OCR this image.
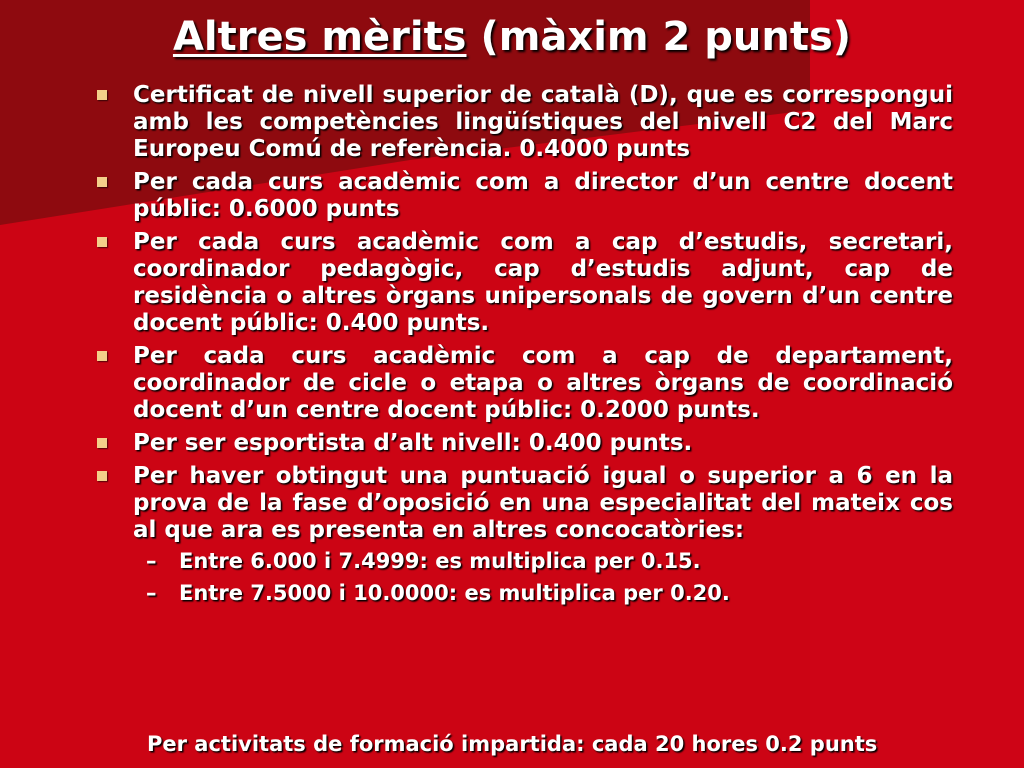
Altres mèrits (màxim 2 punts)
Certificat de nivell superior de català (D), que es correspongui amb les competències lingüístiques del nivell C2 del Marc Europeu Comú de referència. 0.4000 punts
Per cada curs acadèmic com a director d’un centre docent públic: 0.6000 punts
Per cada curs acadèmic com a cap d’estudis, secretari, coordinador pedagògic, cap d’estudis adjunt, cap de residència o altres òrgans unipersonals de govern d’un centre docent públic: 0.400 punts.
Per cada curs acadèmic com a cap de departament, coordinador de cicle o etapa o altres òrgans de coordinació docent d’un centre docent públic: 0.2000 punts.
Per ser esportista d’alt nivell: 0.400 punts.
Per haver obtingut una puntuació igual o superior a 6 en la prova de la fase d’oposició en una especialitat del mateix cos al que ara es presenta en altres concocatòries:
– Entre 6.000 i 7.4999: es multiplica per 0.15.
– Entre 7.5000 i 10.0000: es multiplica per 0.20.
Per activitats de formació impartida: cada 20 hores 0.2 punts
